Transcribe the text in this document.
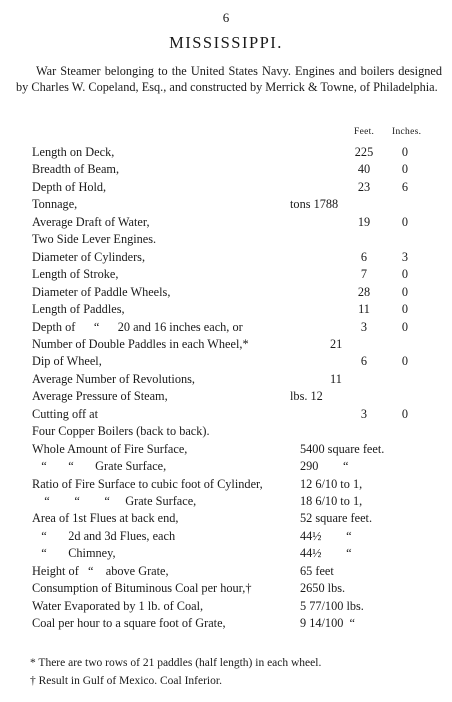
6
MISSISSIPPI.
War Steamer belonging to the United States Navy. Engines and boilers designed by Charles W. Copeland, Esq., and constructed by Merrick & Towne, of Philadelphia.
Feet. Inches.
Length on Deck,	225	0
Breadth of Beam,	40	0
Depth of Hold,	23	6
Tonnage,	tons 1788
Average Draft of Water,	19	0
Two Side Lever Engines.
Diameter of Cylinders,	6	3
Length of Stroke,	7	0
Diameter of Paddle Wheels,	28	0
Length of Paddles,	11	0
Depth of      “      20 and 16 inches each, or	3	0
Number of Double Paddles in each Wheel,*	21
Dip of Wheel,	6	0
Average Number of Revolutions,	11
Average Pressure of Steam,	lbs. 12
Cutting off at	3	0
Four Copper Boilers (back to back).
Whole Amount of Fire Surface,	5400 square feet.
“       “       Grate Surface,	290        “
Ratio of Fire Surface to cubic foot of Cylinder,	12 6/10 to 1,
“        “        “     Grate Surface,	18 6/10 to 1,
Area of 1st Flues at back end,	52 square feet.
“       2d and 3d Flues, each	44½        “
“       Chimney,	44½        “
Height of   “    above Grate,	65 feet
Consumption of Bituminous Coal per hour,†	2650 lbs.
Water Evaporated by 1 lb. of Coal,	5 77/100 lbs.
Coal per hour to a square foot of Grate,	9 14/100  “
* There are two rows of 21 paddles (half length) in each wheel.
† Result in Gulf of Mexico. Coal Inferior.
